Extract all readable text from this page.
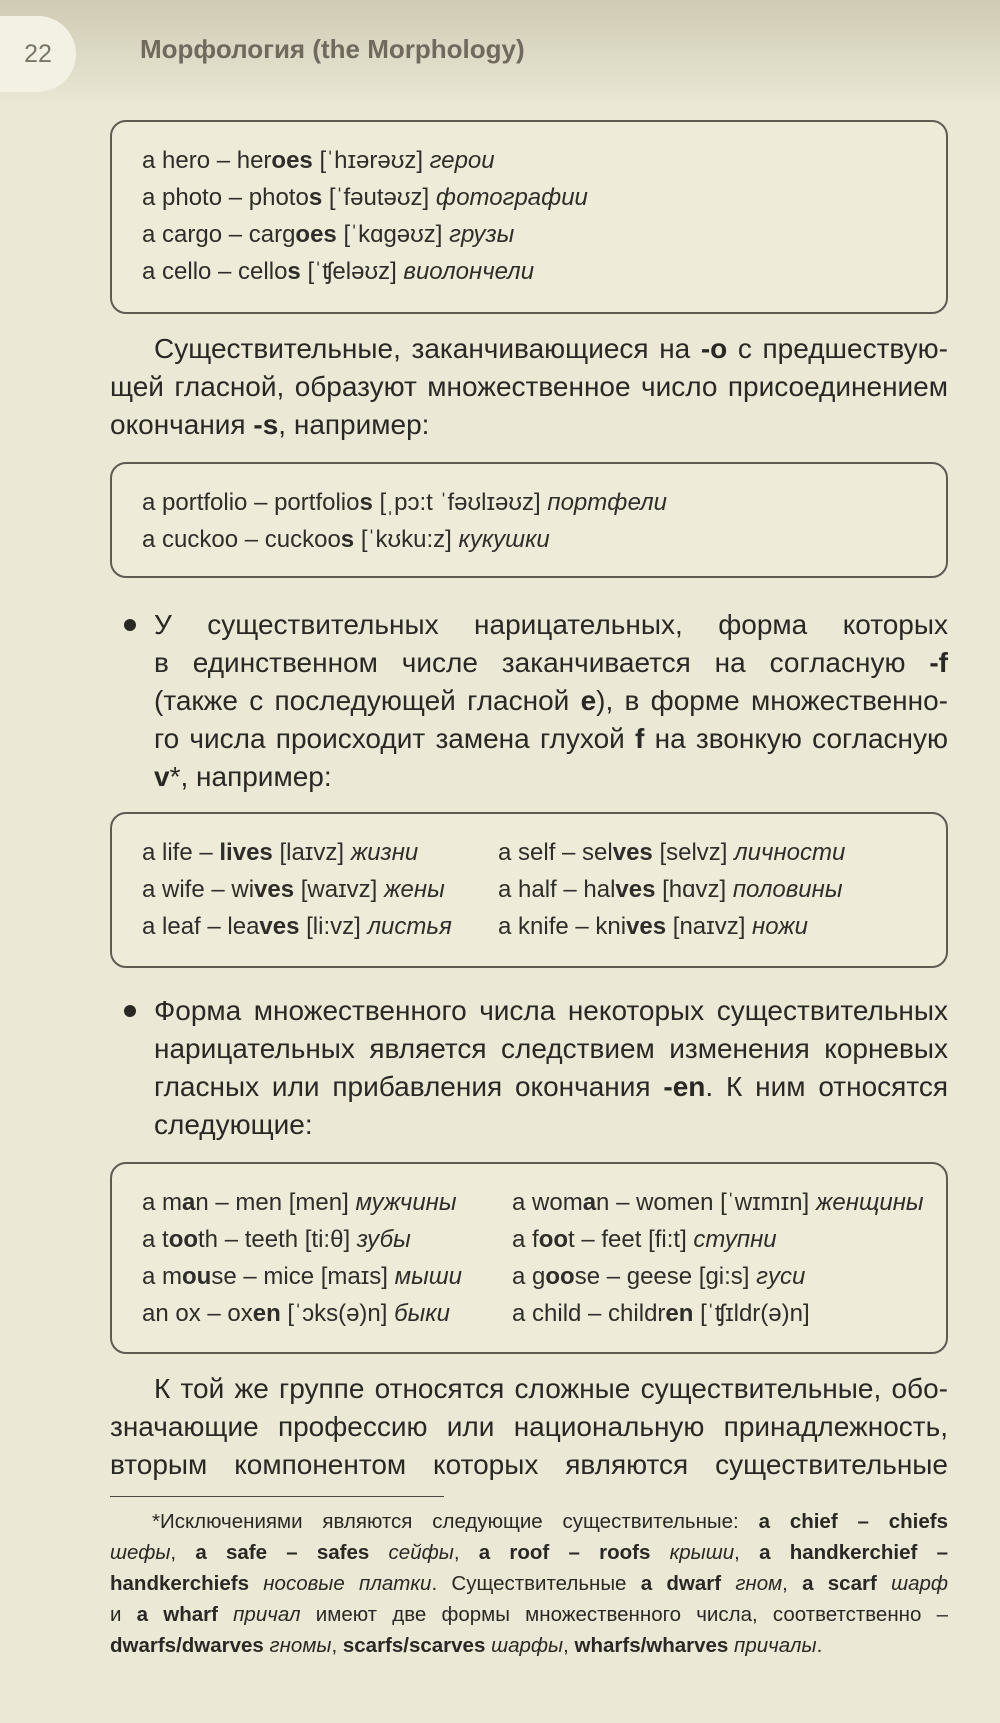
22	Морфология (the Morphology)
a hero – heroes [ˈhɪərəʊz] герои
a photo – photos [ˈfəutəʊz] фотографии
a cargo – cargoes [ˈkɑgəʊz] грузы
a cello – cellos [ˈʧeləʊz] виолончели

Существительные, заканчивающиеся на -о с предшествую-

щей гласной, образуют множественное число присоединением

окончания -s, например:

a portfolio – portfolios [ˌpɔ:t ˈfəʊlɪəʊz] портфели
a cuckoo – cuckoos [ˈkʊku:z] кукушки

У существительных нарицательных, форма которых

в единственном числе заканчивается на согласную -f

(также с последующей гласной е), в форме множественно-

го числа происходит замена глухой f на звонкую согласную

v*, например:

a life – lives [laɪvz] жизни
a wife – wives [waɪvz] жены
a leaf – leaves [li:vz] листья
a self – selves [selvz] личности
a half – halves [hɑvz] половины
a knife – knives [naɪvz] ножи

Форма множественного числа некоторых существительных

нарицательных является следствием изменения корневых

гласных или прибавления окончания -en. К ним относятся

следующие:

a man – men [men] мужчины
a tooth – teeth [ti:θ] зубы
a mouse – mice [maɪs] мыши
an ox – oxen [ˈɔks(ə)n] быки
a woman – women [ˈwɪmɪn] женщины
a foot – feet [fi:t] ступни
a goose – geese [gi:s] гуси
a child – children [ˈʧɪldr(ə)n]

К той же группе относятся сложные существительные, обо-

значающие профессию или национальную принадлежность,

вторым компонентом которых являются существительные

*Исключениями являются следующие существительные: a chief – chiefs

шефы, a safe – safes сейфы, a roof – roofs крыши, a handkerchief –

handkerchiefs носовые платки. Существительные a dwarf гном, a scarf шарф

и a wharf причал имеют две формы множественного числа, соответственно –

dwarfs/dwarves гномы, scarfs/scarves шарфы, wharfs/wharves причалы.
